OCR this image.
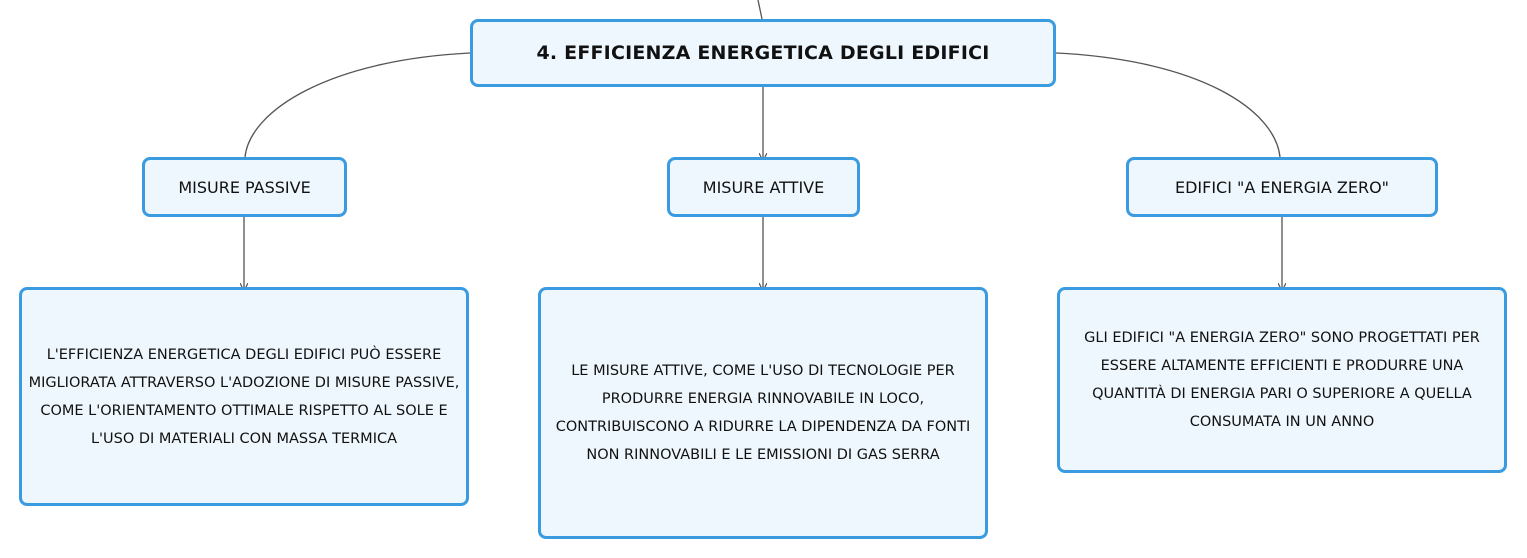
4. EFFICIENZA ENERGETICA DEGLI EDIFICI
MISURE PASSIVE	MISURE ATTIVE	EDIFICI "A ENERGIA ZERO"
L'EFFICIENZA ENERGETICA DEGLI EDIFICI PUÒ ESSERE MIGLIORATA ATTRAVERSO L'ADOZIONE DI MISURE PASSIVE, COME L'ORIENTAMENTO OTTIMALE RISPETTO AL SOLE E L'USO DI MATERIALI CON MASSA TERMICA
LE MISURE ATTIVE, COME L'USO DI TECNOLOGIE PER PRODURRE ENERGIA RINNOVABILE IN LOCO, CONTRIBUISCONO A RIDURRE LA DIPENDENZA DA FONTI NON RINNOVABILI E LE EMISSIONI DI GAS SERRA
GLI EDIFICI "A ENERGIA ZERO" SONO PROGETTATI PER ESSERE ALTAMENTE EFFICIENTI E PRODURRE UNA QUANTITÀ DI ENERGIA PARI O SUPERIORE A QUELLA CONSUMATA IN UN ANNO
